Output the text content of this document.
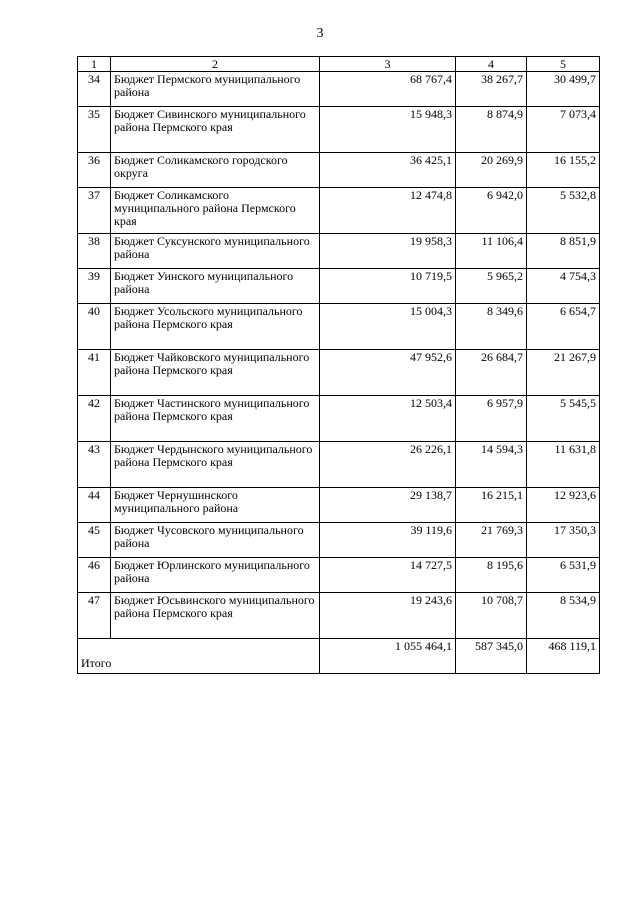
3
1	2	3	4	5
34	Бюджет Пермского муниципального района	68 767,4	38 267,7	30 499,7
35	Бюджет Сивинского муниципального района Пермского края	15 948,3	8 874,9	7 073,4
36	Бюджет Соликамского городского округа	36 425,1	20 269,9	16 155,2
37	Бюджет Соликамского муниципального района Пермского края	12 474,8	6 942,0	5 532,8
38	Бюджет Суксунского муниципального района	19 958,3	11 106,4	8 851,9
39	Бюджет Уинского муниципального района	10 719,5	5 965,2	4 754,3
40	Бюджет Усольского муниципального района Пермского края	15 004,3	8 349,6	6 654,7
41	Бюджет Чайковского муниципального района Пермского края	47 952,6	26 684,7	21 267,9
42	Бюджет Частинского муниципального района Пермского края	12 503,4	6 957,9	5 545,5
43	Бюджет Чердынского муниципального района Пермского края	26 226,1	14 594,3	11 631,8
44	Бюджет Чернушинского муниципального района	29 138,7	16 215,1	12 923,6
45	Бюджет Чусовского муниципального района	39 119,6	21 769,3	17 350,3
46	Бюджет Юрлинского муниципального района	14 727,5	8 195,6	6 531,9
47	Бюджет Юсьвинского муниципального района Пермского края	19 243,6	10 708,7	8 534,9
Итого		1 055 464,1	587 345,0	468 119,1
